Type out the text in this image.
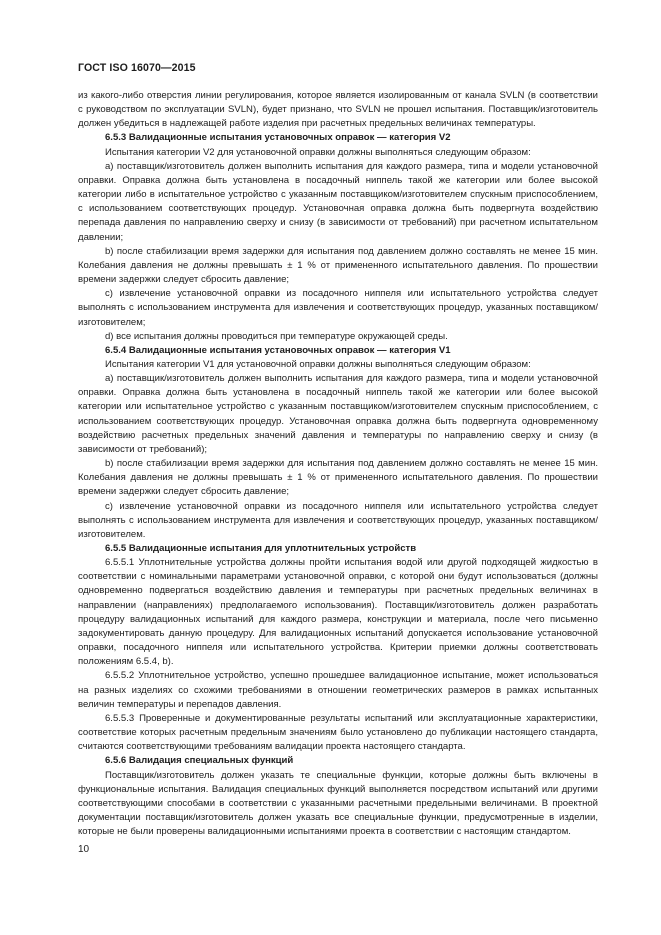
ГОСТ ISO 16070—2015

из какого-либо отверстия линии регулирования, которое является изолированным от канала SVLN (в соответствии с руководством по эксплуатации SVLN), будет признано, что SVLN не прошел испытания. Поставщик/изготовитель должен убедиться в надлежащей работе изделия при расчетных предельных величинах температуры.

6.5.3 Валидационные испытания установочных оправок — категория V2

Испытания категории V2 для установочной оправки должны выполняться следующим образом:

а) поставщик/изготовитель должен выполнить испытания для каждого размера, типа и модели установочной оправки. Оправка должна быть установлена в посадочный ниппель такой же категории или более высокой категории либо в испытательное устройство с указанным поставщиком/изготовителем спускным приспособлением, с использованием соответствующих процедур. Установочная оправка должна быть подвергнута воздействию перепада давления по направлению сверху и снизу (в зависимости от требований) при расчетном испытательном давлении;

b) после стабилизации время задержки для испытания под давлением должно составлять не менее 15 мин. Колебания давления не должны превышать ± 1 % от примененного испытательного давления. По прошествии времени задержки следует сбросить давление;

с) извлечение установочной оправки из посадочного ниппеля или испытательного устройства следует выполнять с использованием инструмента для извлечения и соответствующих процедур, указанных поставщиком/изготовителем;

d) все испытания должны проводиться при температуре окружающей среды.

6.5.4 Валидационные испытания установочных оправок — категория V1

Испытания категории V1 для установочной оправки должны выполняться следующим образом:

а) поставщик/изготовитель должен выполнить испытания для каждого размера, типа и модели установочной оправки. Оправка должна быть установлена в посадочный ниппель такой же категории или более высокой категории или испытательное устройство с указанным поставщиком/изготовителем спускным приспособлением, с использованием соответствующих процедур. Установочная оправка должна быть подвергнута одновременному воздействию расчетных предельных значений давления и температуры по направлению сверху и снизу (в зависимости от требований);

b) после стабилизации время задержки для испытания под давлением должно составлять не менее 15 мин. Колебания давления не должны превышать ± 1 % от примененного испытательного давления. По прошествии времени задержки следует сбросить давление;

с) извлечение установочной оправки из посадочного ниппеля или испытательного устройства следует выполнять с использованием инструмента для извлечения и соответствующих процедур, указанных поставщиком/изготовителем.

6.5.5 Валидационные испытания для уплотнительных устройств

6.5.5.1 Уплотнительные устройства должны пройти испытания водой или другой подходящей жидкостью в соответствии с номинальными параметрами установочной оправки, с которой они будут использоваться (должны одновременно подвергаться воздействию давления и температуры при расчетных предельных величинах в направлении (направлениях) предполагаемого использования). Поставщик/изготовитель должен разработать процедуру валидационных испытаний для каждого размера, конструкции и материала, после чего письменно задокументировать данную процедуру. Для валидационных испытаний допускается использование установочной оправки, посадочного ниппеля или испытательного устройства. Критерии приемки должны соответствовать положениям 6.5.4, b).

6.5.5.2 Уплотнительное устройство, успешно прошедшее валидационное испытание, может использоваться на разных изделиях со схожими требованиями в отношении геометрических размеров в рамках испытанных величин температуры и перепадов давления.

6.5.5.3 Проверенные и документированные результаты испытаний или эксплуатационные характеристики, соответствие которых расчетным предельным значениям было установлено до публикации настоящего стандарта, считаются соответствующими требованиям валидации проекта настоящего стандарта.

6.5.6 Валидация специальных функций

Поставщик/изготовитель должен указать те специальные функции, которые должны быть включены в функциональные испытания. Валидация специальных функций выполняется посредством испытаний или другими соответствующими способами в соответствии с указанными расчетными предельными величинами. В проектной документации поставщик/изготовитель должен указать все специальные функции, предусмотренные в изделии, которые не были проверены валидационными испытаниями проекта в соответствии с настоящим стандартом.

10
